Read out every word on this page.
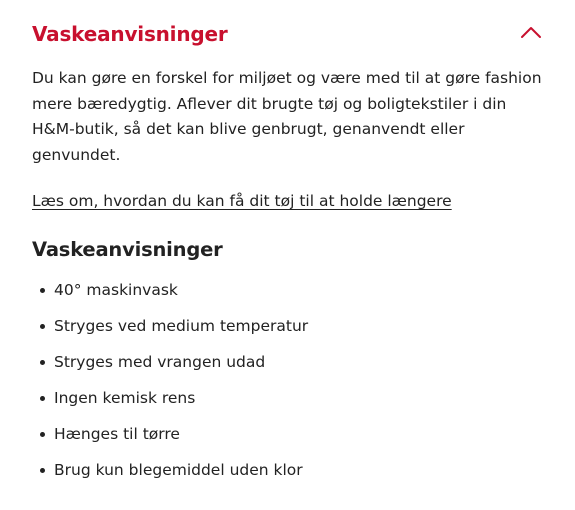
Vaskeanvisninger

Du kan gøre en forskel for miljøet og være med til at gøre fashion mere bæredygtig. Aflever dit brugte tøj og boligtekstiler i din H&M-butik, så det kan blive genbrugt, genanvendt eller genvundet.

Læs om, hvordan du kan få dit tøj til at holde længere
Vaskeanvisninger
40° maskinvask
Stryges ved medium temperatur
Stryges med vrangen udad
Ingen kemisk rens
Hænges til tørre
Brug kun blegemiddel uden klor
